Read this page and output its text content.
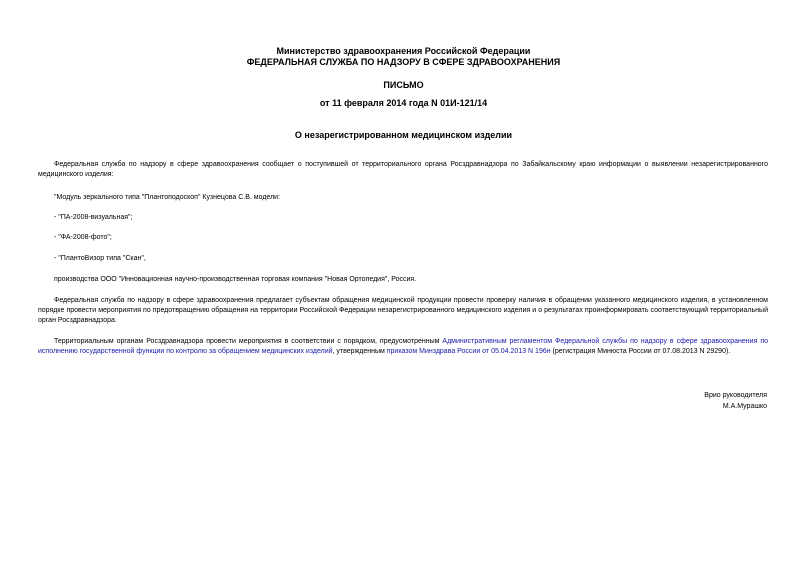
Министерство здравоохранения Российской Федерации
ФЕДЕРАЛЬНАЯ СЛУЖБА ПО НАДЗОРУ В СФЕРЕ ЗДРАВООХРАНЕНИЯ
ПИСЬМО
от 11 февраля 2014 года N 01И-121/14
О незарегистрированном медицинском изделии
Федеральная служба по надзору в сфере здравоохранения сообщает о поступившей от территориального органа Росздравнадзора по Забайкальскому краю информации о выявлении незарегистрированного медицинского изделия:
"Модуль зеркального типа "Плантоподоскоп" Кузнецова С.В. модели:
- "ПА-2008-визуальная";
- "ФА-2008-фото";
- "ПлантоВизор типа "Скан",
производства ООО "Инновационная научно-производственная торговая компания "Новая Ортопедия", Россия.
Федеральная служба по надзору в сфере здравоохранения предлагает субъектам обращения медицинской продукции провести проверку наличия в обращении указанного медицинского изделия, в установленном порядке провести мероприятия по предотвращению обращения на территории Российской Федерации незарегистрированного медицинского изделия и о результатах проинформировать соответствующий территориальный орган Росздравнадзора.
Территориальным органам Росздравнадзора провести мероприятия в соответствии с порядком, предусмотренным Административным регламентом Федеральной службы по надзору в сфере здравоохранения по исполнению государственной функции по контролю за обращением медицинских изделий, утвержденным приказом Минздрава России от 05.04.2013 N 196н (регистрация Минюста России от 07.08.2013 N 29290).
Врио руководителя
М.А.Мурашко
